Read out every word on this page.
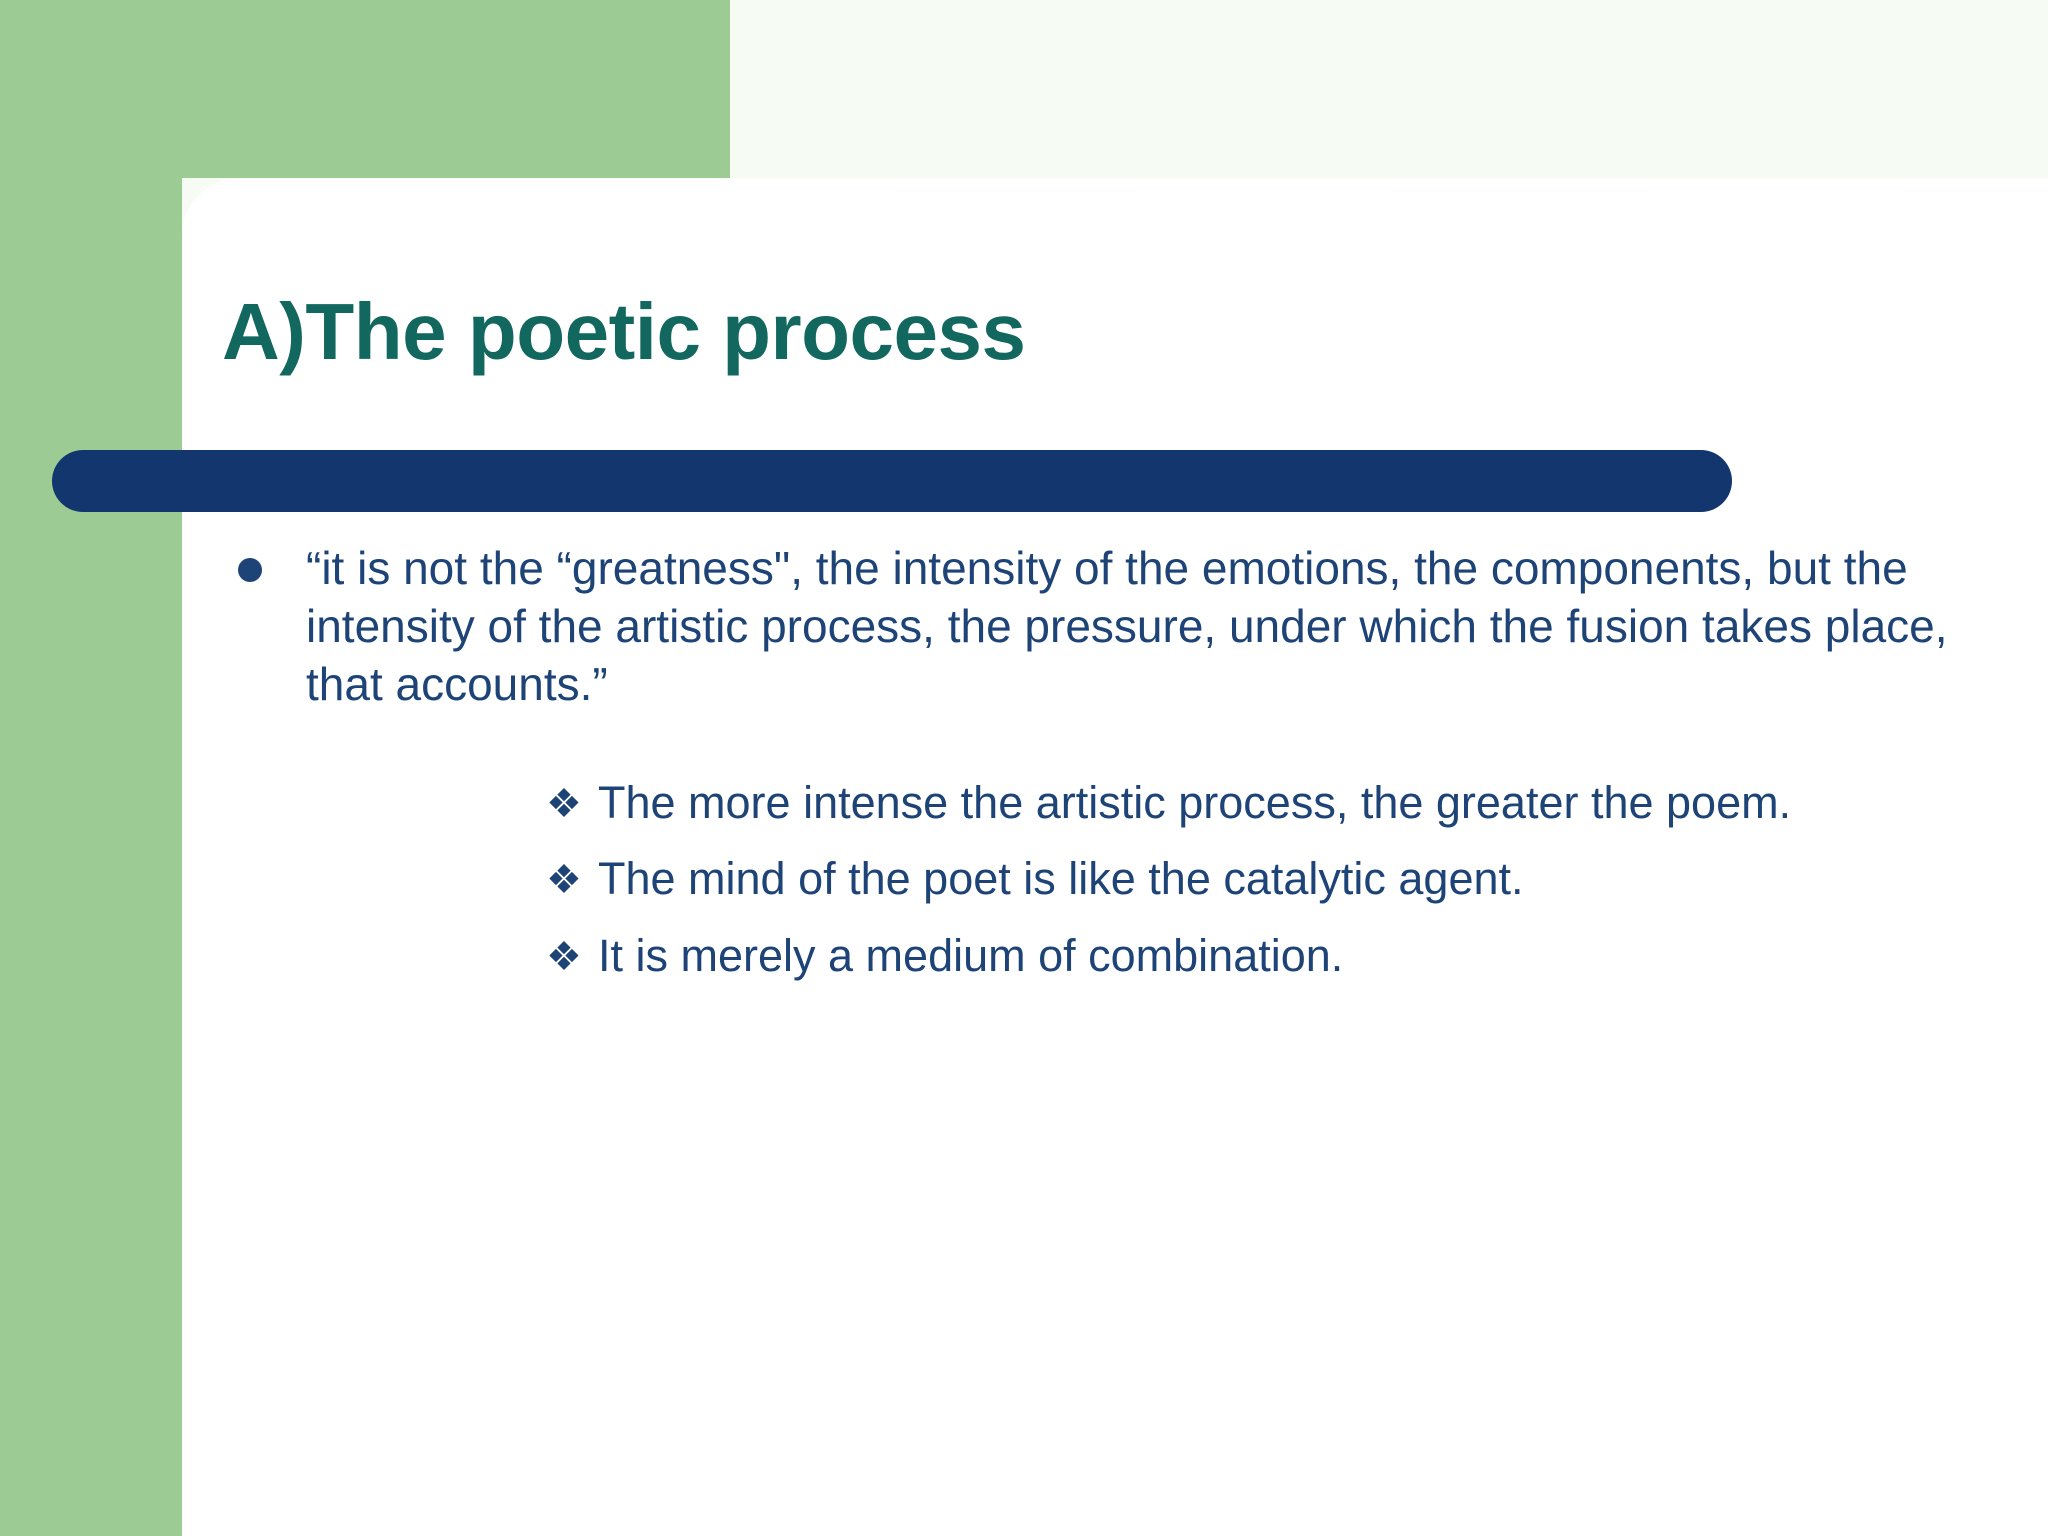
A)The poetic process
“it is not the “greatness", the intensity of the emotions, the components, but the intensity of the artistic process, the pressure, under which the fusion takes place, that accounts.”
❖ The more intense the artistic process, the greater the poem.
❖ The mind of the poet is like the catalytic agent.
❖ It is merely a medium of combination.
